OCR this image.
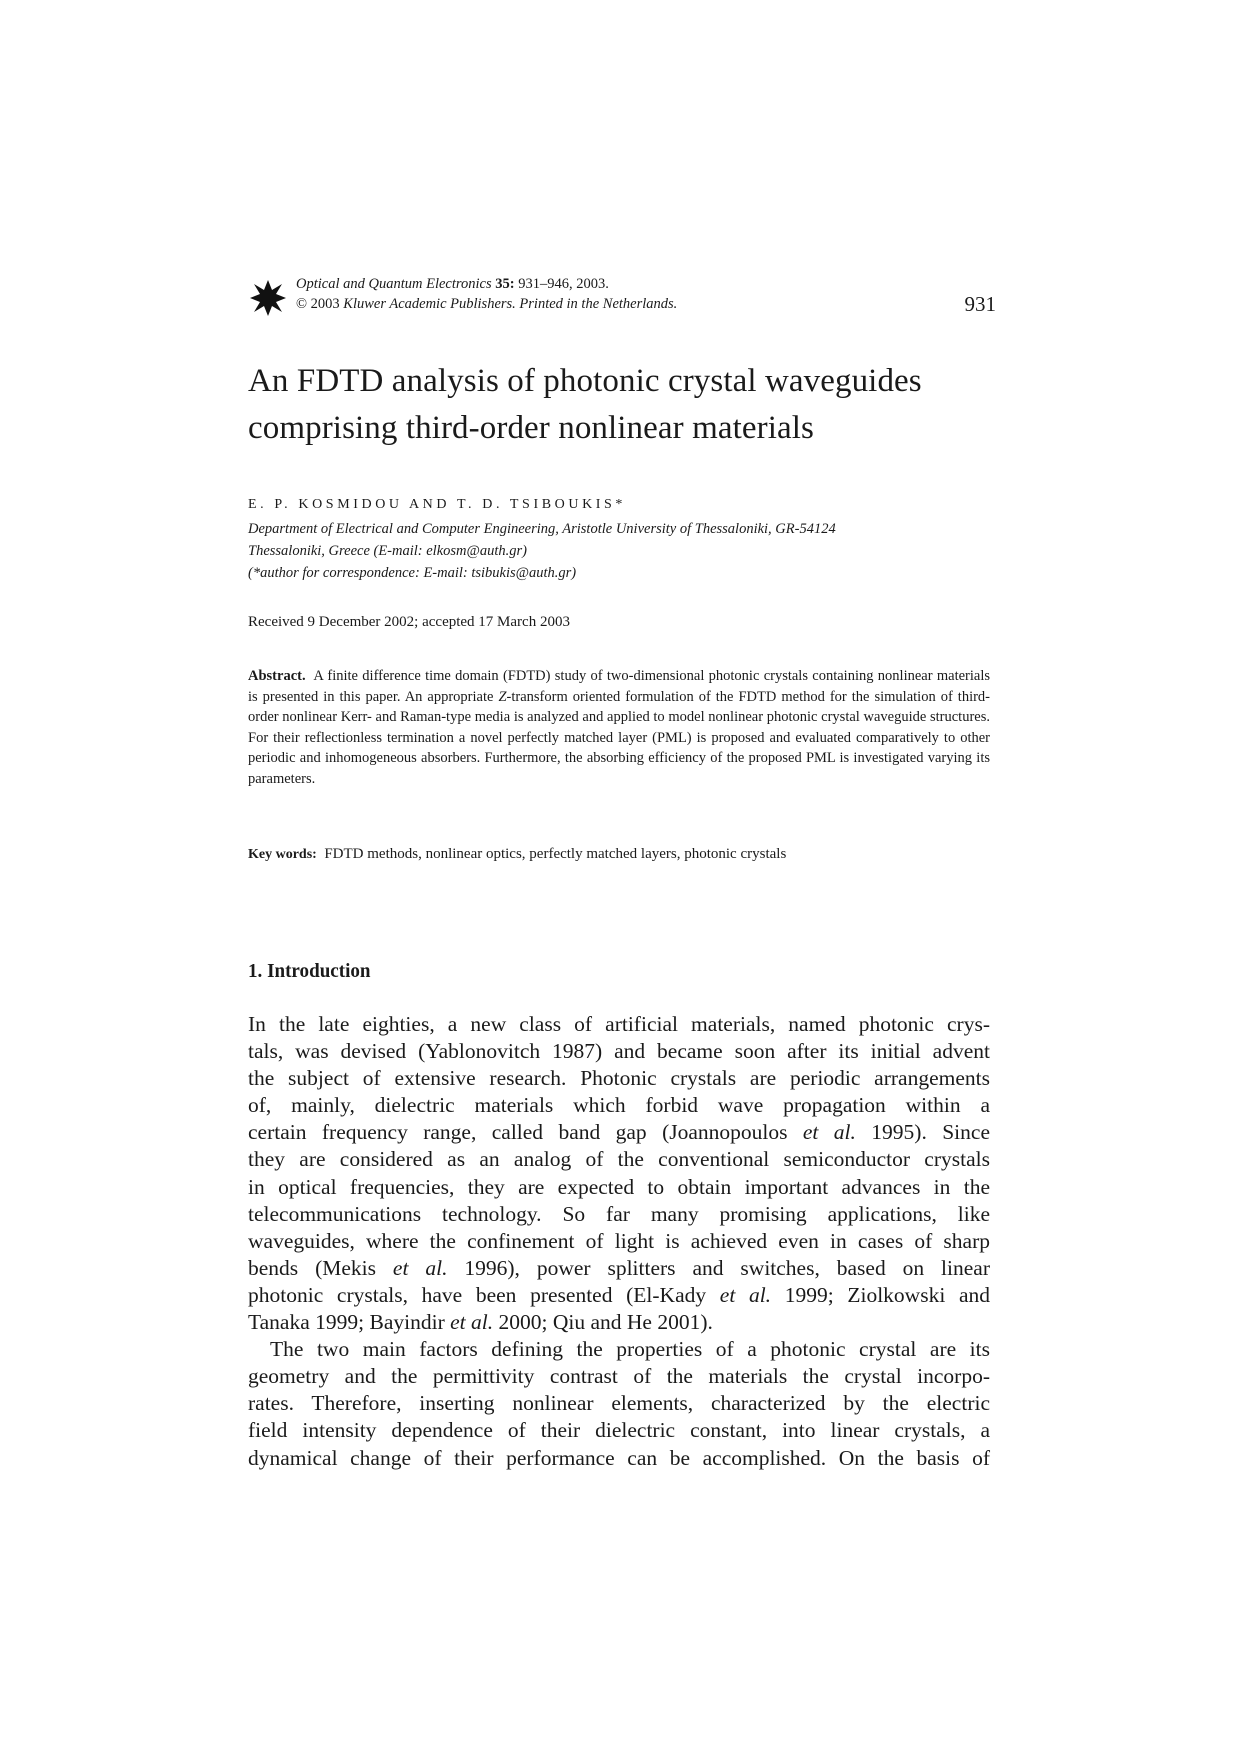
Optical and Quantum Electronics 35: 931–946, 2003.
© 2003 Kluwer Academic Publishers. Printed in the Netherlands.	931
An FDTD analysis of photonic crystal waveguides
comprising third-order nonlinear materials
E. P. KOSMIDOU AND T. D. TSIBOUKIS*
Department of Electrical and Computer Engineering, Aristotle University of Thessaloniki, GR-54124
Thessaloniki, Greece (E-mail: elkosm@auth.gr)
(*author for correspondence: E-mail: tsibukis@auth.gr)
Received 9 December 2002; accepted 17 March 2003

Abstract. A finite difference time domain (FDTD) study of two-dimensional photonic crystals containing nonlinear materials is presented in this paper. An appropriate Z-transform oriented formulation of the FDTD method for the simulation of third-order nonlinear Kerr- and Raman-type media is analyzed and applied to model nonlinear photonic crystal waveguide structures. For their reflectionless termination a novel perfectly matched layer (PML) is proposed and evaluated comparatively to other periodic and inhomogeneous absorbers. Furthermore, the absorbing efficiency of the proposed PML is investigated varying its parameters.

Key words: FDTD methods, nonlinear optics, perfectly matched layers, photonic crystals
1. Introduction
In the late eighties, a new class of artificial materials, named photonic crys-
tals, was devised (Yablonovitch 1987) and became soon after its initial advent
the subject of extensive research. Photonic crystals are periodic arrangements
of, mainly, dielectric materials which forbid wave propagation within a
certain frequency range, called band gap (Joannopoulos et al. 1995). Since
they are considered as an analog of the conventional semiconductor crystals
in optical frequencies, they are expected to obtain important advances in the
telecommunications technology. So far many promising applications, like
waveguides, where the confinement of light is achieved even in cases of sharp
bends (Mekis et al. 1996), power splitters and switches, based on linear
photonic crystals, have been presented (El-Kady et al. 1999; Ziolkowski and
Tanaka 1999; Bayindir et al. 2000; Qiu and He 2001).
The two main factors defining the properties of a photonic crystal are its
geometry and the permittivity contrast of the materials the crystal incorpo-
rates. Therefore, inserting nonlinear elements, characterized by the electric
field intensity dependence of their dielectric constant, into linear crystals, a
dynamical change of their performance can be accomplished. On the basis of
